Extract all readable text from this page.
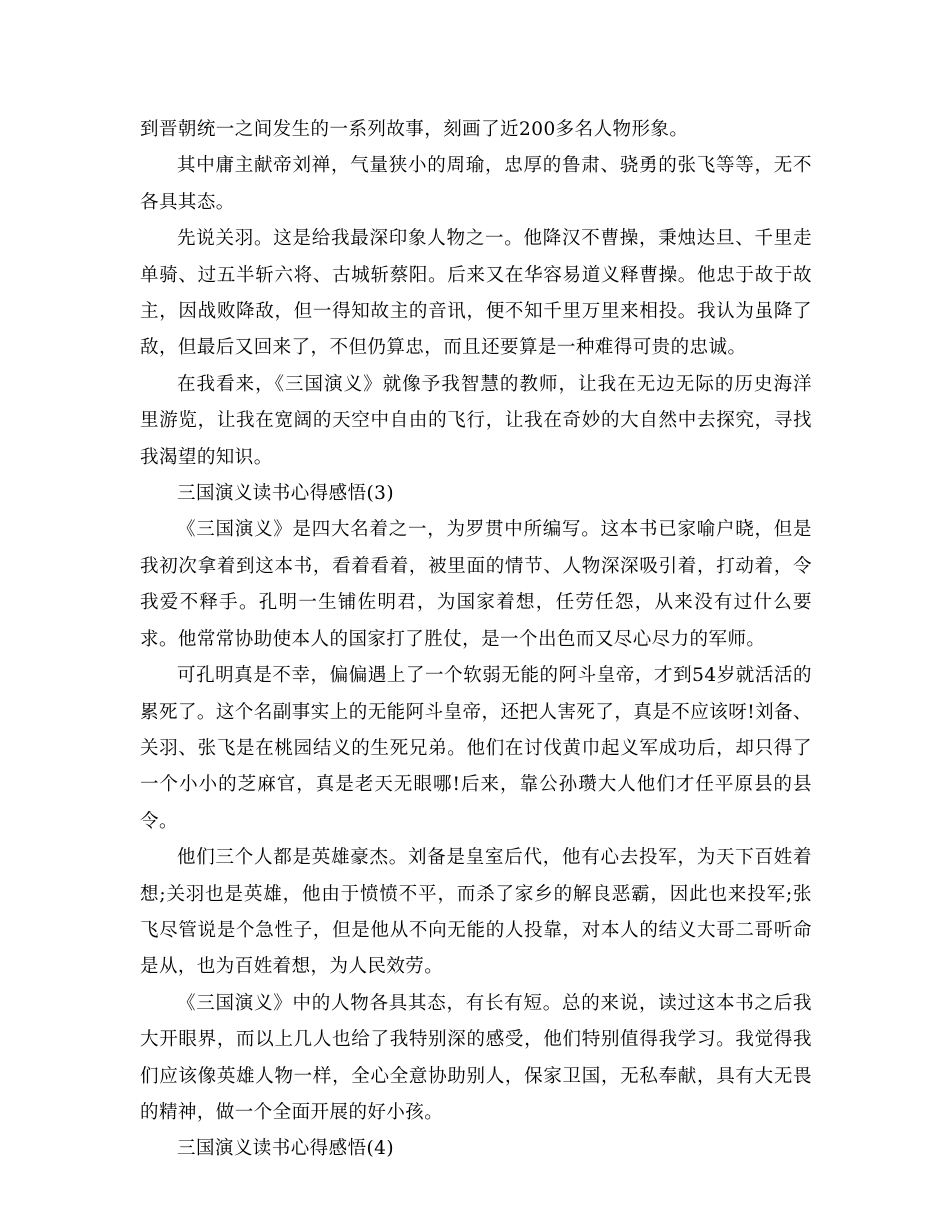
到晋朝统一之间发生的一系列故事，刻画了近200多名人物形象。

其中庸主献帝刘禅，气量狭小的周瑜，忠厚的鲁肃、骁勇的张飞等等，无不各具其态。

先说关羽。这是给我最深印象人物之一。他降汉不曹操，秉烛达旦、千里走单骑、过五半斩六将、古城斩蔡阳。后来又在华容易道义释曹操。他忠于故于故主，因战败降敌，但一得知故主的音讯，便不知千里万里来相投。我认为虽降了敌，但最后又回来了，不但仍算忠，而且还要算是一种难得可贵的忠诚。

在我看来，《三国演义》就像予我智慧的教师，让我在无边无际的历史海洋里游览，让我在宽阔的天空中自由的飞行，让我在奇妙的大自然中去探究，寻找我渴望的知识。

三国演义读书心得感悟(3)

《三国演义》是四大名着之一，为罗贯中所编写。这本书已家喻户晓，但是我初次拿着到这本书，看着看着，被里面的情节、人物深深吸引着，打动着，令我爱不释手。孔明一生铺佐明君，为国家着想，任劳任怨，从来没有过什么要求。他常常协助使本人的国家打了胜仗，是一个出色而又尽心尽力的军师。

可孔明真是不幸，偏偏遇上了一个软弱无能的阿斗皇帝，才到54岁就活活的累死了。这个名副事实上的无能阿斗皇帝，还把人害死了，真是不应该呀!刘备、关羽、张飞是在桃园结义的生死兄弟。他们在讨伐黄巾起义军成功后，却只得了一个小小的芝麻官，真是老天无眼哪!后来，靠公孙瓒大人他们才任平原县的县令。

他们三个人都是英雄豪杰。刘备是皇室后代，他有心去投军，为天下百姓着想;关羽也是英雄，他由于愤愤不平，而杀了家乡的解良恶霸，因此也来投军;张飞尽管说是个急性子，但是他从不向无能的人投靠，对本人的结义大哥二哥听命是从，也为百姓着想，为人民效劳。

《三国演义》中的人物各具其态，有长有短。总的来说，读过这本书之后我大开眼界，而以上几人也给了我特别深的感受，他们特别值得我学习。我觉得我们应该像英雄人物一样，全心全意协助别人，保家卫国，无私奉献，具有大无畏的精神，做一个全面开展的好小孩。

三国演义读书心得感悟(4)
